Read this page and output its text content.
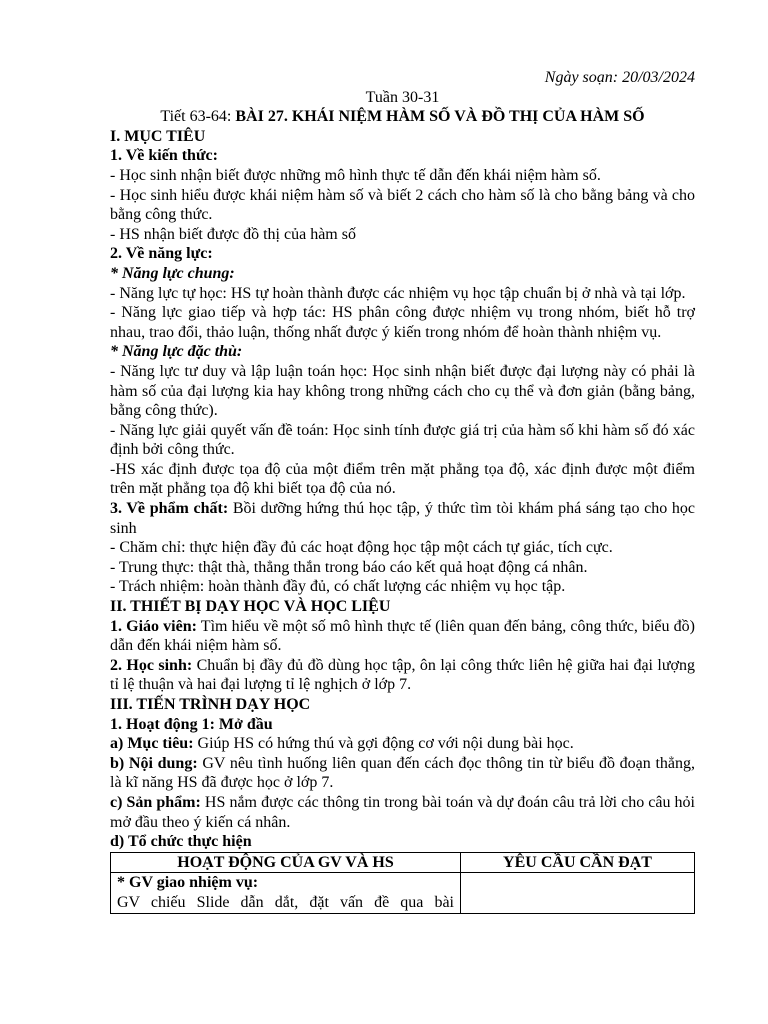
Ngày soạn: 20/03/2024
Tuần 30-31
Tiết 63-64: BÀI 27. KHÁI NIỆM HÀM SỐ VÀ ĐỒ THỊ CỦA HÀM SỐ

I. MỤC TIÊU

1. Về kiến thức:

- Học sinh nhận biết được những mô hình thực tế dẫn đến khái niệm hàm số.

- Học sinh hiểu được khái niệm hàm số và biết 2 cách cho hàm số là cho bằng bảng và cho bằng công thức.

- HS nhận biết được đồ thị của hàm số

2. Về năng lực:

* Năng lực chung:

- Năng lực tự học: HS tự hoàn thành được các nhiệm vụ học tập chuẩn bị ở nhà và tại lớp.

- Năng lực giao tiếp và hợp tác: HS phân công được nhiệm vụ trong nhóm, biết hỗ trợ nhau, trao đổi, thảo luận, thống nhất được ý kiến trong nhóm để hoàn thành nhiệm vụ.

* Năng lực đặc thù:

- Năng lực tư duy và lập luận toán học: Học sinh nhận biết được đại lượng này có phải là hàm số của đại lượng kia hay không trong những cách cho cụ thể và đơn giản (bằng bảng, bằng công thức).

- Năng lực giải quyết vấn đề toán: Học sinh tính được giá trị của hàm số khi hàm số đó xác định bởi công thức.

-HS xác định được tọa độ của một điểm trên mặt phẳng tọa độ, xác định được một điểm trên mặt phẳng tọa độ khi biết tọa độ của nó.

3. Về phẩm chất: Bồi dưỡng hứng thú học tập, ý thức tìm tòi khám phá sáng tạo cho học sinh

- Chăm chỉ: thực hiện đầy đủ các hoạt động học tập một cách tự giác, tích cực.

- Trung thực: thật thà, thẳng thắn trong báo cáo kết quả hoạt động cá nhân.

- Trách nhiệm: hoàn thành đầy đủ, có chất lượng các nhiệm vụ học tập.

II. THIẾT BỊ DẠY HỌC VÀ HỌC LIỆU

1. Giáo viên: Tìm hiểu về một số mô hình thực tế (liên quan đến bảng, công thức, biểu đồ) dẫn đến khái niệm hàm số.

2. Học sinh: Chuẩn bị đầy đủ đồ dùng học tập, ôn lại công thức liên hệ giữa hai đại lượng tỉ lệ thuận và hai đại lượng tỉ lệ nghịch ở lớp 7.

III. TIẾN TRÌNH DẠY HỌC

1. Hoạt động 1: Mở đầu

a) Mục tiêu: Giúp HS có hứng thú và gợi động cơ với nội dung bài học.

b) Nội dung: GV nêu tình huống liên quan đến cách đọc thông tin từ biểu đồ đoạn thẳng, là kĩ năng HS đã được học ở lớp 7.

c) Sản phẩm: HS nắm được các thông tin trong bài toán và dự đoán câu trả lời cho câu hỏi mở đầu theo ý kiến cá nhân.

d) Tổ chức thực hiện

HOẠT ĐỘNG CỦA GV VÀ HS	YÊU CẦU CẦN ĐẠT

* GV giao nhiệm vụ:
GV chiếu Slide dẫn dắt, đặt vấn đề qua bài	
